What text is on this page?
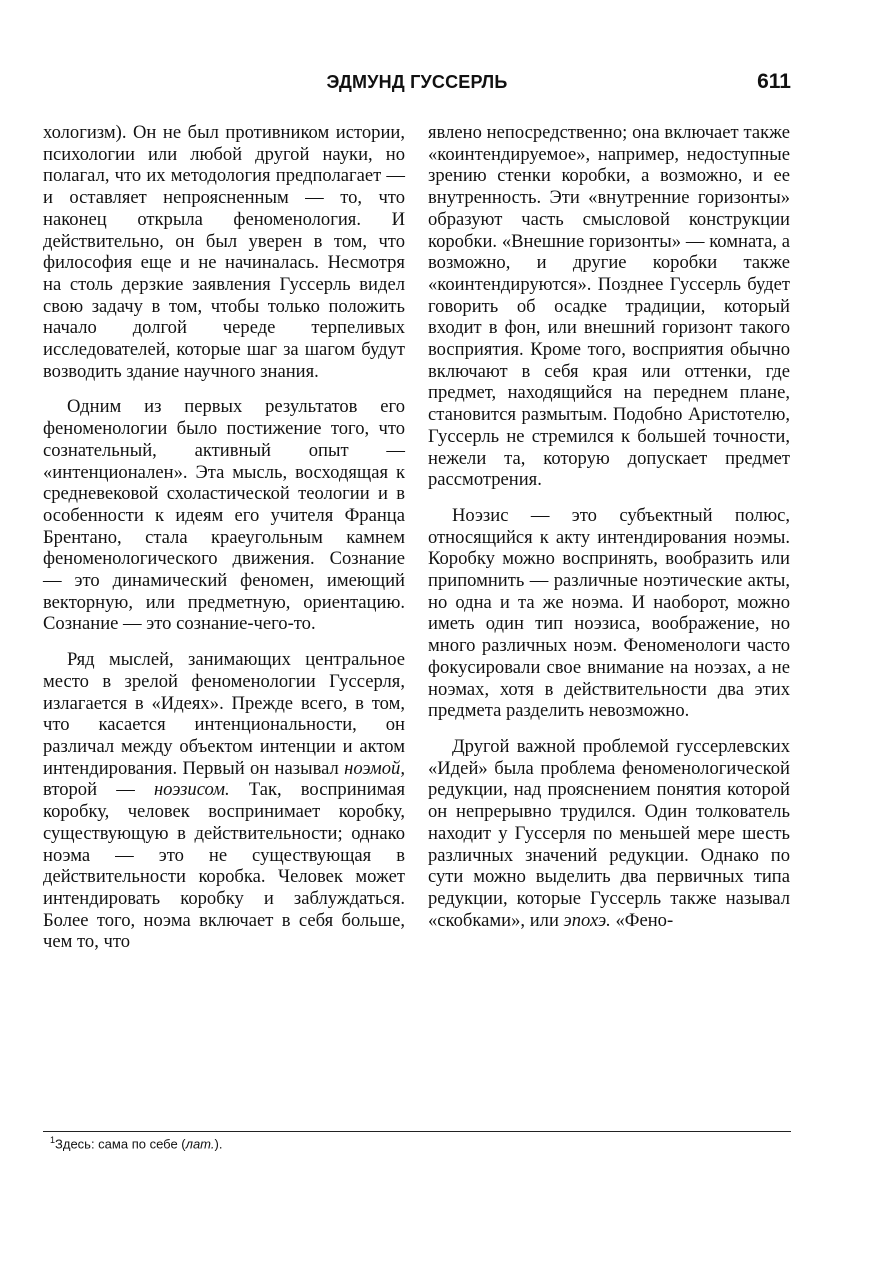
ЭДМУНД ГУССЕРЛЬ	611

хологизм). Он не был противником истории, психологии или любой другой науки, но полагал, что их методология предполагает — и оставляет непроясненным — то, что наконец открыла феноменология. И действительно, он был уверен в том, что философия еще и не начиналась. Несмотря на столь дерзкие заявления Гуссерль видел свою задачу в том, чтобы только положить начало долгой череде терпеливых исследователей, которые шаг за шагом будут возводить здание научного знания.

Одним из первых результатов его феноменологии было постижение того, что сознательный, активный опыт — «интенционален». Эта мысль, восходящая к средневековой схоластической теологии и в особенности к идеям его учителя Франца Брентано, стала краеугольным камнем феноменологического движения. Сознание — это динамический феномен, имеющий векторную, или предметную, ориентацию. Сознание — это сознание-чего-то.

Ряд мыслей, занимающих центральное место в зрелой феноменологии Гуссерля, излагается в «Идеях». Прежде всего, в том, что касается интенциональности, он различал между объектом интенции и актом интендирования. Первый он называл ноэмой, второй — ноэзисом. Так, воспринимая коробку, человек воспринимает коробку, существующую в действительности; однако ноэма — это не существующая в действительности коробка. Человек может интендировать коробку и заблуждаться. Более того, ноэма включает в себя больше, чем то, что

явлено непосредственно; она включает также «коинтендируемое», например, недоступные зрению стенки коробки, а возможно, и ее внутренность. Эти «внутренние горизонты» образуют часть смысловой конструкции коробки. «Внешние горизонты» — комната, а возможно, и другие коробки также «коинтендируются». Позднее Гуссерль будет говорить об осадке традиции, который входит в фон, или внешний горизонт такого восприятия. Кроме того, восприятия обычно включают в себя края или оттенки, где предмет, находящийся на переднем плане, становится размытым. Подобно Аристотелю, Гуссерль не стремился к большей точности, нежели та, которую допускает предмет рассмотрения.

Ноэзис — это субъектный полюс, относящийся к акту интендирования ноэмы. Коробку можно воспринять, вообразить или припомнить — различные ноэтические акты, но одна и та же ноэма. И наоборот, можно иметь один тип ноэзиса, воображение, но много различных ноэм. Феноменологи часто фокусировали свое внимание на ноэзах, а не ноэмах, хотя в действительности два этих предмета разделить невозможно.

Другой важной проблемой гуссерлевских «Идей» была проблема феноменологической редукции, над прояснением понятия которой он непрерывно трудился. Один толкователь находит у Гуссерля по меньшей мере шесть различных значений редукции. Однако по сути можно выделить два первичных типа редукции, которые Гуссерль также называл «скобками», или эпохэ. «Фено-

$^1$Здесь: сама по себе (лат.).
